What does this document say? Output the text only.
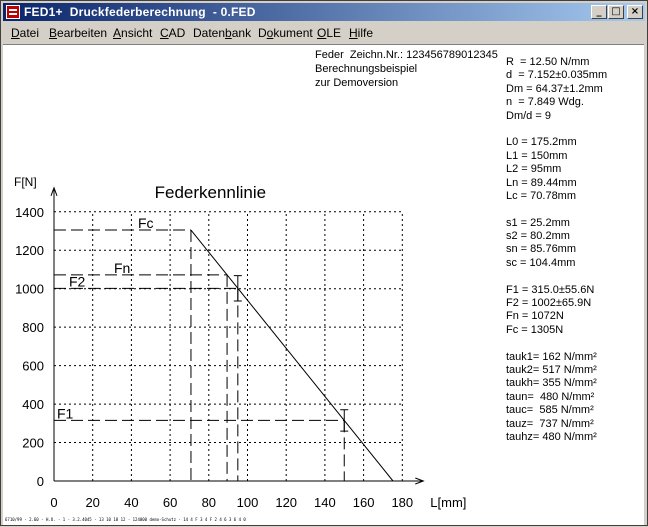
FED1+  Druckfederberechnung  - 0.FED	_ □	×
Datei Bearbeiten Ansicht CAD Datenbank Dokument OLE Hilfe
Feder  Zeichn.Nr.: 123456789012345
Berechnungsbeispiel
zur Demoversion
0 20 40 60 80 100 120 140 160 180
0
200
400
600
800
1000
1200
1400
F[N]
L[mm]
Federkennlinie
Fc
Fn
F2
F1
R  = 12.50 N/mm
d  = 7.152±0.035mm
Dm = 64.37±1.2mm
n  = 7.849 Wdg.
Dm/d = 9
L0 = 175.2mm
L1 = 150mm
L2 = 95mm
Ln = 89.44mm
Lc = 70.78mm
s1 = 25.2mm
s2 = 80.2mm
sn = 85.76mm
sc = 104.4mm
F1 = 315.0±55.6N
F2 = 1002±65.9N
Fn = 1072N
Fc = 1305N
tauk1= 162 N/mm²
tauk2= 517 N/mm²
taukh= 355 N/mm²
taun=  480 N/mm²
tauc=  585 N/mm²
tauz=  737 N/mm²
tauhz= 480 N/mm²
6710/99 - 2.60 - H.O. - 1 - 3.2.4045 - 13 10 18 12 - 124000 demo-Schutz - 14 4 F 3 4 F 2 4 6 3 6 4 0
